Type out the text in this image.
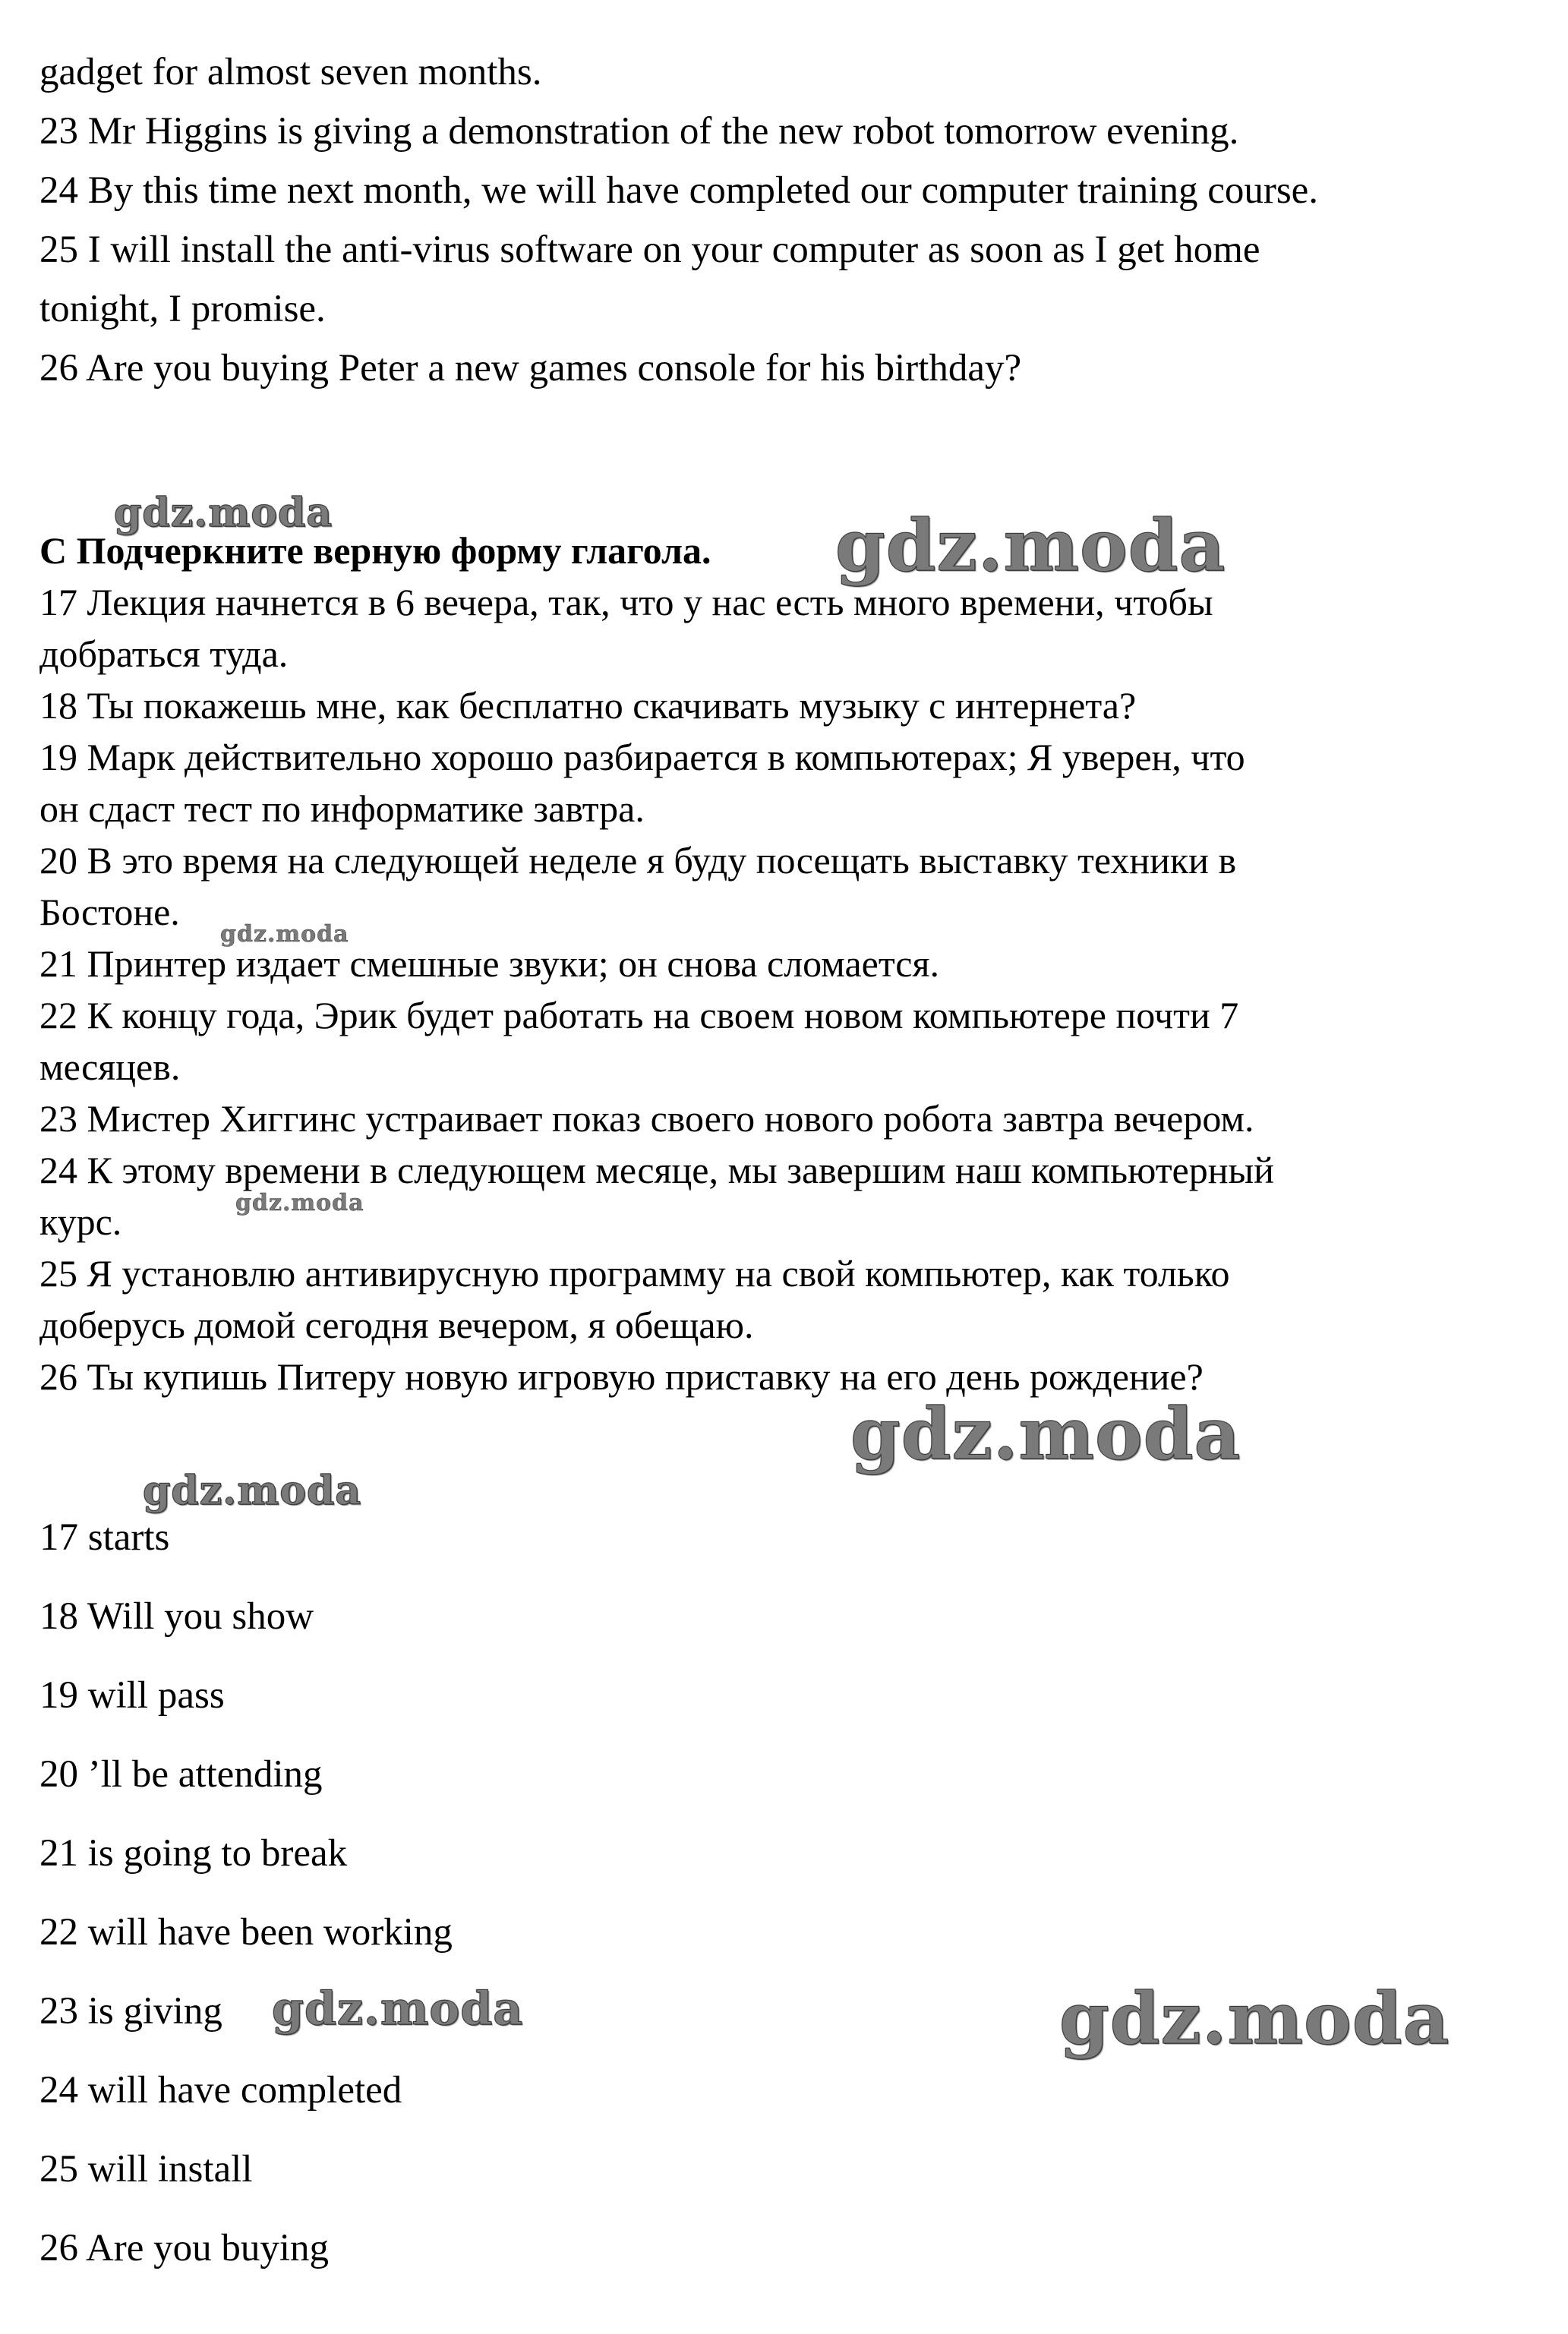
gadget for almost seven months.
23 Mr Higgins is giving a demonstration of the new robot tomorrow evening.
24 By this time next month, we will have completed our computer training course.
25 I will install the anti-virus software on your computer as soon as I get home
tonight, I promise.
26 Are you buying Peter a new games console for his birthday?
C Подчеркните верную форму глагола.
17 Лекция начнется в 6 вечера, так, что у нас есть много времени, чтобы
добраться туда.
18 Ты покажешь мне, как бесплатно скачивать музыку с интернета?
19 Марк действительно хорошо разбирается в компьютерах; Я уверен, что
он сдаст тест по информатике завтра.
20 В это время на следующей неделе я буду посещать выставку техники в
Бостоне.
21 Принтер издает смешные звуки; он снова сломается.
22 К концу года, Эрик будет работать на своем новом компьютере почти 7
месяцев.
23 Мистер Хиггинс устраивает показ своего нового робота завтра вечером.
24 К этому времени в следующем месяце, мы завершим наш компьютерный
курс.
25 Я установлю антивирусную программу на свой компьютер, как только
доберусь домой сегодня вечером, я обещаю.
26 Ты купишь Питеру новую игровую приставку на его день рождение?
17 starts
18 Will you show
19 will pass
20 ’ll be attending
21 is going to break
22 will have been working
23 is giving
24 will have completed
25 will install
26 Are you buying
gdz.moda	gdz.moda
gdz.moda
gdz.moda
gdz.moda
gdz.moda
gdz.moda	gdz.moda
